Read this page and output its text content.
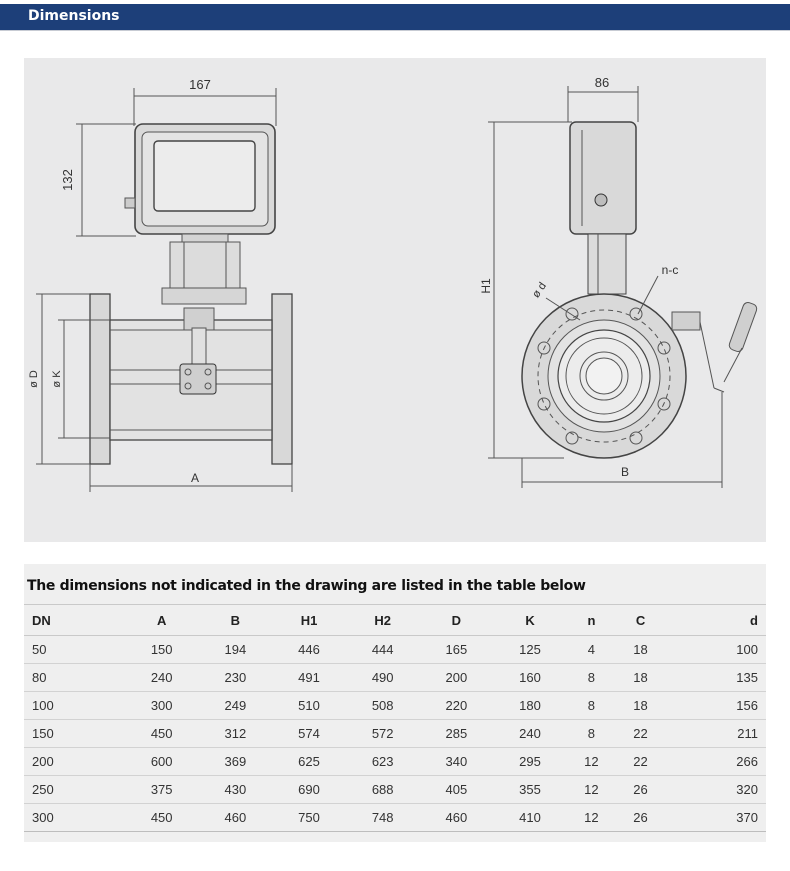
Dimensions
167
132
ø D ø K
A
86
H1	ø d
n-c
B
The dimensions not indicated in the drawing are listed in the table below
DN	A	B	H1	H2	D	K	n	C	d
50	150	194	446	444	165	125	4	18	100
80	240	230	491	490	200	160	8	18	135
100	300	249	510	508	220	180	8	18	156
150	450	312	574	572	285	240	8	22	211
200	600	369	625	623	340	295	12	22	266
250	375	430	690	688	405	355	12	26	320
300	450	460	750	748	460	410	12	26	370
